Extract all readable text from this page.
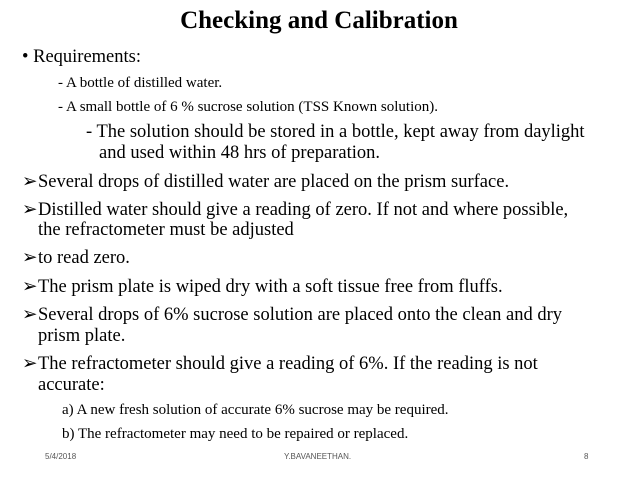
Checking and Calibration
• Requirements:
- A bottle of distilled water.
- A small bottle of 6 % sucrose solution (TSS Known solution).
- The solution should be stored in a bottle, kept away from daylight
and used within 48 hrs of preparation.
➢Several drops of distilled water are placed on the prism surface.
➢Distilled water should give a reading of zero. If not and where possible,
the refractometer must be adjusted
➢to read zero.
➢The prism plate is wiped dry with a soft tissue free from fluffs.
➢Several drops of 6% sucrose solution are placed onto the clean and dry
prism plate.
➢The refractometer should give a reading of 6%. If the reading is not
accurate:
a) A new fresh solution of accurate 6% sucrose may be required.
b) The refractometer may need to be repaired or replaced.
5/4/2018	Y.BAVANEETHAN.	8
